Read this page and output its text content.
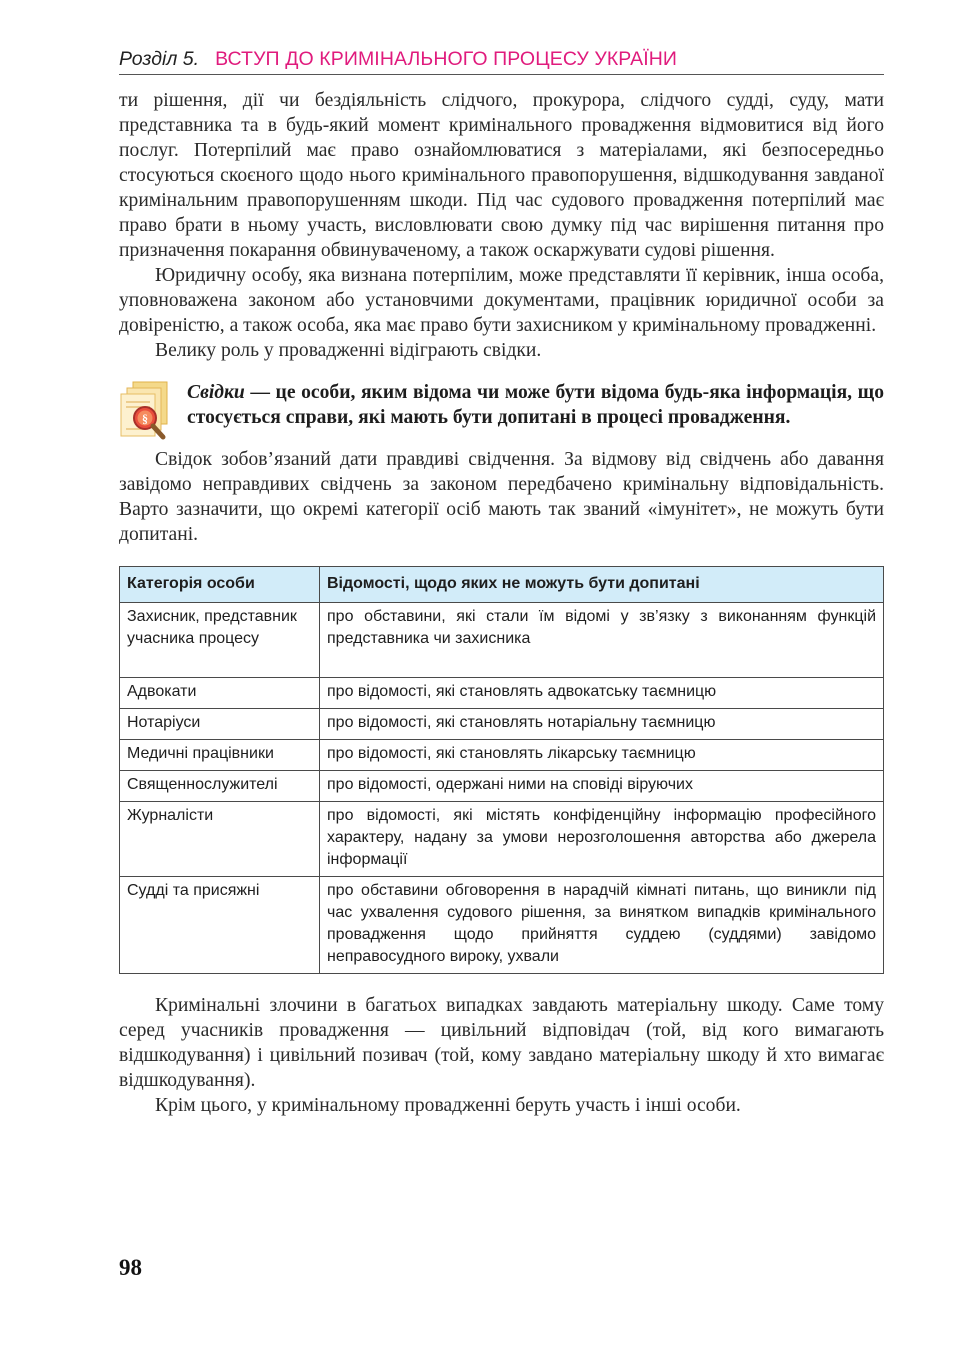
Розділ 5. ВСТУП ДО КРИМІНАЛЬНОГО ПРОЦЕСУ УКРАЇНИ

ти рішення, дії чи бездіяльність слідчого, прокурора, слідчого судді, суду, мати представника та в будь-який момент кримінального провадження відмовитися від його послуг. Потерпілий має право ознайомлюватися з матеріалами, які безпосередньо стосуються скоєного щодо нього кримінального правопорушення, відшкодування завданої кримінальним правопорушенням шкоди. Під час судового провадження потерпілий має право брати в ньому участь, висловлювати свою думку під час вирішення питання про призначення покарання обвинуваченому, а також оскаржувати судові рішення.

Юридичну особу, яка визнана потерпілим, може представляти її керівник, інша особа, уповноважена законом або установчими документами, працівник юридичної особи за довіреністю, а також особа, яка має право бути захисником у кримінальному провадженні.

Велику роль у провадженні відіграють свідки.

§
Свідки — це особи, яким відома чи може бути відома будь-яка інформація, що стосується справи, які мають бути допитані в процесі провадження.

Свідок зобов’язаний дати правдиві свідчення. За відмову від свідчень або давання завідомо неправдивих свідчень за законом передбачено кримінальну відповідальність. Варто зазначити, що окремі категорії осіб мають так званий «імунітет», не можуть бути допитані.

Категорія особи	Відомості, щодо яких не можуть бути допитані
Захисник, представник учасника процесу	про обставини, які стали їм відомі у зв’язку з виконанням функцій представника чи захисника
Адвокати	про відомості, які становлять адвокатську таємницю
Нотаріуси	про відомості, які становлять нотаріальну таємницю
Медичні працівники	про відомості, які становлять лікарську таємницю
Священнослужителі	про відомості, одержані ними на сповіді віруючих
Журналісти	про відомості, які містять конфіденційну інформацію професійного характеру, надану за умови нерозголошення авторства або джерела інформації
Судді та присяжні	про обставини обговорення в нарадчій кімнаті питань, що виникли під час ухвалення судового рішення, за винятком випадків кримінального провадження щодо прийняття суддею (суддями) завідомо неправосудного вироку, ухвали

Кримінальні злочини в багатьох випадках завдають матеріальну шкоду. Саме тому серед учасників провадження — цивільний відповідач (той, від кого вимагають відшкодування) і цивільний позивач (той, кому завдано матеріальну шкоду й хто вимагає відшкодування).

Крім цього, у кримінальному провадженні беруть участь і інші особи.

98
